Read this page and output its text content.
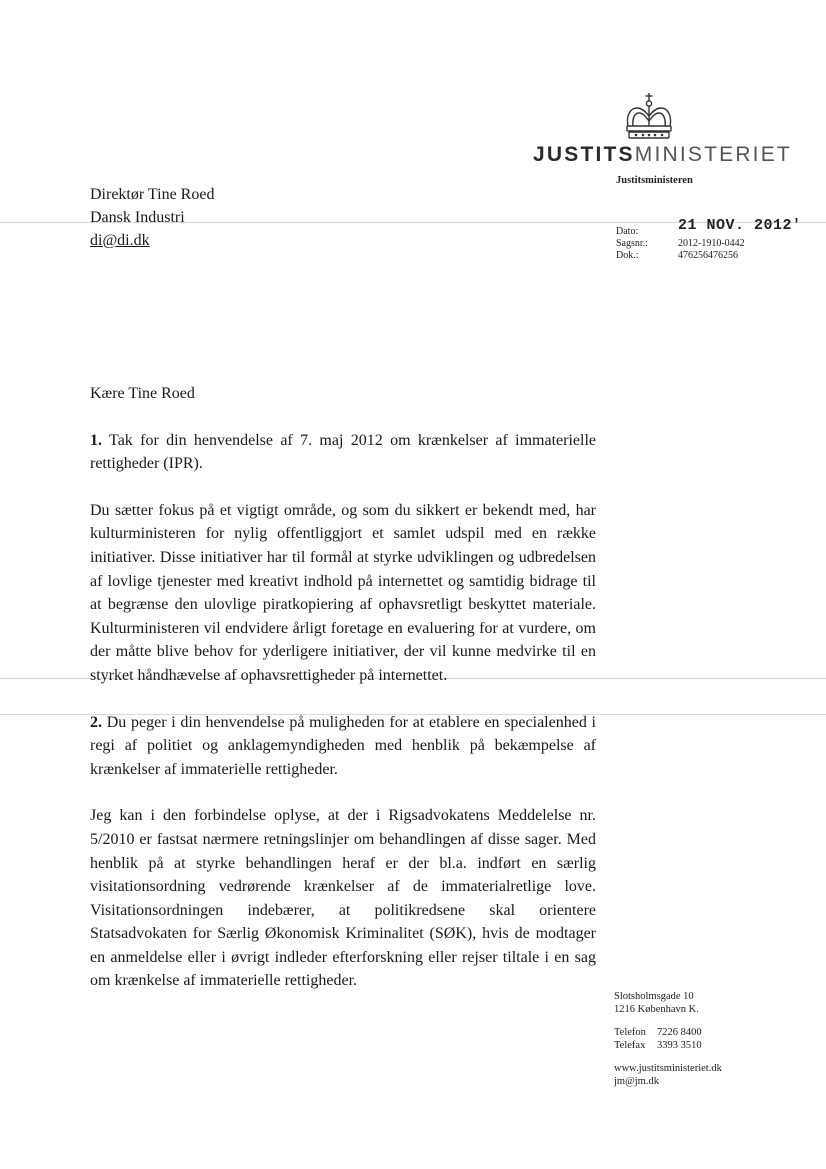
JUSTITSMINISTERIET
Justitsministeren
Direktør Tine Roed
Dansk Industri
di@di.dk
Dato:	21 NOV. 2012'
Sagsnr.:	2012-1910-0442
Dok.:	476256476256

Kære Tine Roed

1. Tak for din henvendelse af 7. maj 2012 om krænkelser af immaterielle rettigheder (IPR).

Du sætter fokus på et vigtigt område, og som du sikkert er bekendt med, har kulturministeren for nylig offentliggjort et samlet udspil med en række initiativer. Disse initiativer har til formål at styrke udviklingen og udbredelsen af lovlige tjenester med kreativt indhold på internettet og samtidig bidrage til at begrænse den ulovlige piratkopiering af ophavsretligt beskyttet materiale. Kulturministeren vil endvidere årligt foretage en evaluering for at vurdere, om der måtte blive behov for yderligere initiativer, der vil kunne medvirke til en styrket håndhævelse af ophavsrettigheder på internettet.

2. Du peger i din henvendelse på muligheden for at etablere en specialenhed i regi af politiet og anklagemyndigheden med henblik på bekæmpelse af krænkelser af immaterielle rettigheder.

Jeg kan i den forbindelse oplyse, at der i Rigsadvokatens Meddelelse nr. 5/2010 er fastsat nærmere retningslinjer om behandlingen af disse sager. Med henblik på at styrke behandlingen heraf er der bl.a. indført en særlig visitationsordning vedrørende krænkelser af de immaterialretlige love. Visitationsordningen indebærer, at politikredsene skal orientere Statsadvokaten for Særlig Økonomisk Kriminalitet (SØK), hvis de modtager en anmeldelse eller i øvrigt indleder efterforskning eller rejser tiltale i en sag om krænkelse af immaterielle rettigheder.

Slotsholmsgade 10
1216 København K.
Telefon	7226 8400
Telefax	3393 3510
www.justitsministeriet.dk
jm@jm.dk
